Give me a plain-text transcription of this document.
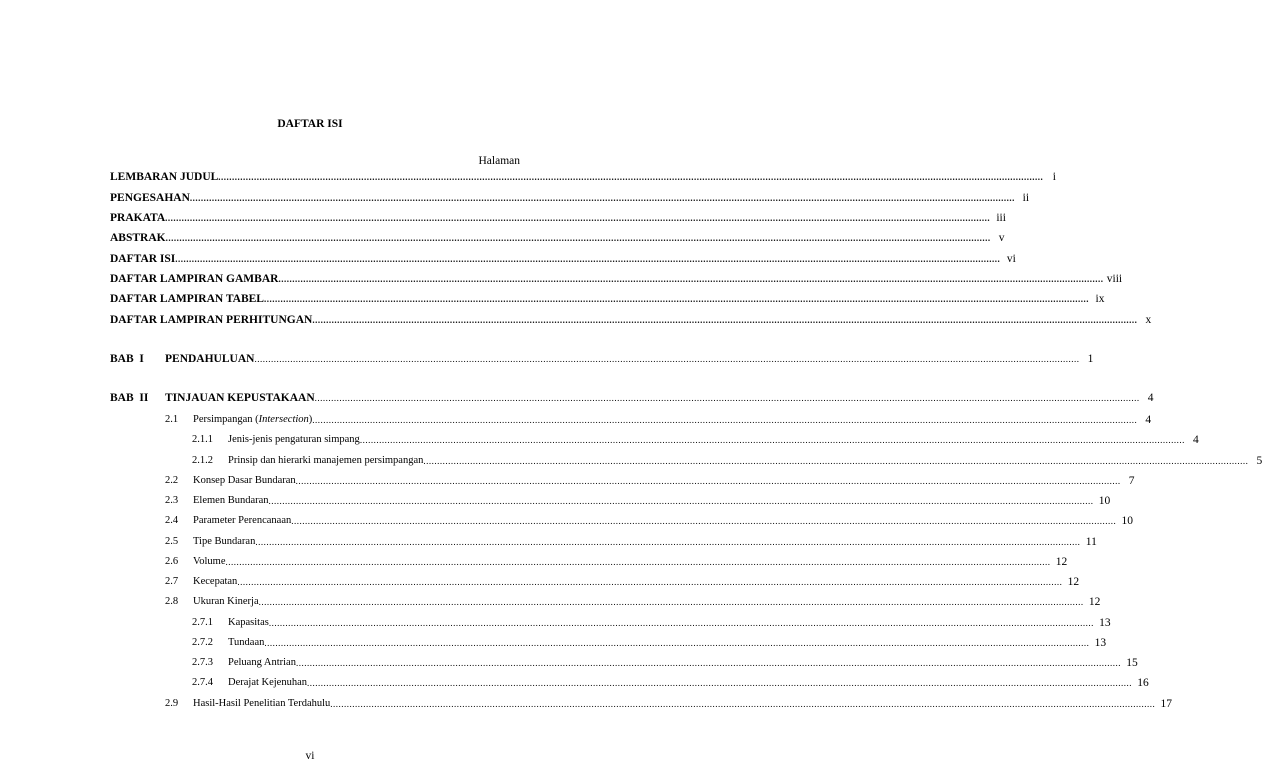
DAFTAR ISI
Halaman
LEMBARAN JUDUL ............................................................................................................................................................................................................................................................................................................ i
PENGESAHAN ............................................................................................................................................................................................................................................................................................................ ii
PRAKATA ............................................................................................................................................................................................................................................................................................................ iii
ABSTRAK ............................................................................................................................................................................................................................................................................................................ v
DAFTAR ISI ............................................................................................................................................................................................................................................................................................................ vi
DAFTAR LAMPIRAN GAMBAR ............................................................................................................................................................................................................................................................................................................ viii
DAFTAR LAMPIRAN TABEL ............................................................................................................................................................................................................................................................................................................ ix
DAFTAR LAMPIRAN PERHITUNGAN ............................................................................................................................................................................................................................................................................................................ x
BAB  I	PENDAHULUAN ............................................................................................................................................................................................................................................................................................................ 1
BAB  II	TINJAUAN KEPUSTAKAAN ............................................................................................................................................................................................................................................................................................................ 4
2.1	Persimpangan (Intersection) ............................................................................................................................................................................................................................................................................................................ 4
2.1.1	Jenis-jenis pengaturan simpang ............................................................................................................................................................................................................................................................................................................ 4
2.1.2	Prinsip dan hierarki manajemen persimpangan ............................................................................................................................................................................................................................................................................................................ 5
2.2	Konsep Dasar Bundaran ............................................................................................................................................................................................................................................................................................................ 7
2.3	Elemen Bundaran ............................................................................................................................................................................................................................................................................................................ 10
2.4	Parameter Perencanaan ............................................................................................................................................................................................................................................................................................................ 10
2.5	Tipe Bundaran ............................................................................................................................................................................................................................................................................................................ 11
2.6	Volume ............................................................................................................................................................................................................................................................................................................ 12
2.7	Kecepatan ............................................................................................................................................................................................................................................................................................................ 12
2.8	Ukuran Kinerja ............................................................................................................................................................................................................................................................................................................ 12
2.7.1	Kapasitas ............................................................................................................................................................................................................................................................................................................ 13
2.7.2	Tundaan ............................................................................................................................................................................................................................................................................................................ 13
2.7.3	Peluang Antrian ............................................................................................................................................................................................................................................................................................................ 15
2.7.4	Derajat Kejenuhan ............................................................................................................................................................................................................................................................................................................ 16
2.9	Hasil-Hasil Penelitian Terdahulu ............................................................................................................................................................................................................................................................................................................ 17
vi
